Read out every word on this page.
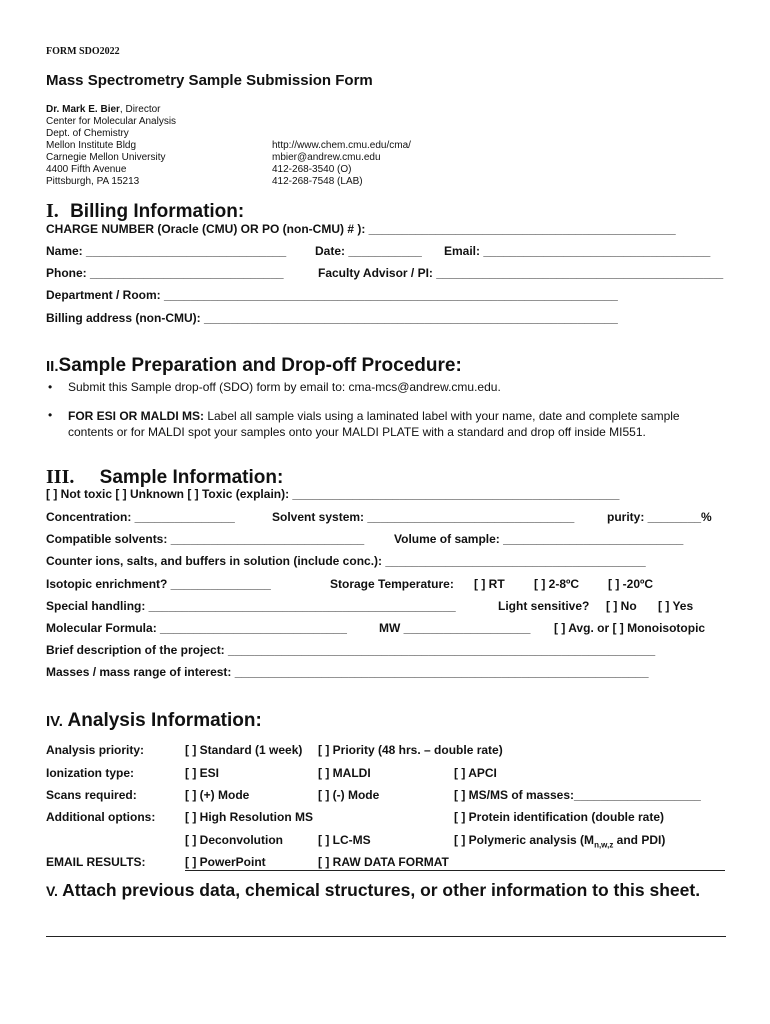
FORM SDO2022
Mass Spectrometry Sample Submission Form
Dr. Mark E. Bier, Director
Center for Molecular Analysis
Dept. of Chemistry
Mellon Institute Bldg
Carnegie Mellon University
4400 Fifth Avenue
Pittsburgh, PA 15213
http://www.chem.cmu.edu/cma/
mbier@andrew.cmu.edu
412-268-3540 (O)
412-268-7548 (LAB)
I. Billing Information:
CHARGE NUMBER (Oracle (CMU) OR PO (non-CMU) # ): ______________________________________________
Name: ______________________________ Date: ___________ Email: __________________________________
Phone: _____________________________	Faculty Advisor / PI: ___________________________________________
Department / Room: ____________________________________________________________________
Billing address (non-CMU): ______________________________________________________________
II.Sample Preparation and Drop-off Procedure:
• Submit this Sample drop-off (SDO) form by email to: cma-mcs@andrew.cmu.edu.
• FOR ESI OR MALDI MS: Label all sample vials using a laminated label with your name, date and complete sample
contents or for MALDI spot your samples onto your MALDI PLATE with a standard and drop off inside MI551.
III. Sample Information:
[ ] Not toxic [ ] Unknown [ ] Toxic (explain): _________________________________________________
Concentration: _______________	Solvent system: _______________________________	purity: ________%
Compatible solvents: _____________________________ Volume of sample: ___________________________
Counter ions, salts, and buffers in solution (include conc.): _______________________________________
Isotopic enrichment? _______________	Storage Temperature: [ ] RT [ ] 2-8ºC [ ] -20ºC
Special handling: ______________________________________________	Light sensitive? [ ] No [ ] Yes
Molecular Formula: ____________________________	MW ___________________ [ ] Avg. or [ ] Monoisotopic
Brief description of the project: ________________________________________________________________
Masses / mass range of interest: ______________________________________________________________
IV. Analysis Information:
Analysis priority:	[ ] Standard (1 week) [ ] Priority (48 hrs. – double rate)
Ionization type:	[ ] ESI	[ ] MALDI	[ ] APCI
Scans required:	[ ] (+) Mode	[ ] (-) Mode	[ ] MS/MS of masses:___________________
Additional options: [ ] High Resolution MS	[ ] Protein identification (double rate)
[ ] Deconvolution	[ ] LC-MS	[ ] Polymeric analysis ($M_{n,w,z}$ and PDI)
EMAIL RESULTS:	[ ] PowerPoint	[ ] RAW DATA FORMAT
V. Attach previous data, chemical structures, or other information to this sheet.
